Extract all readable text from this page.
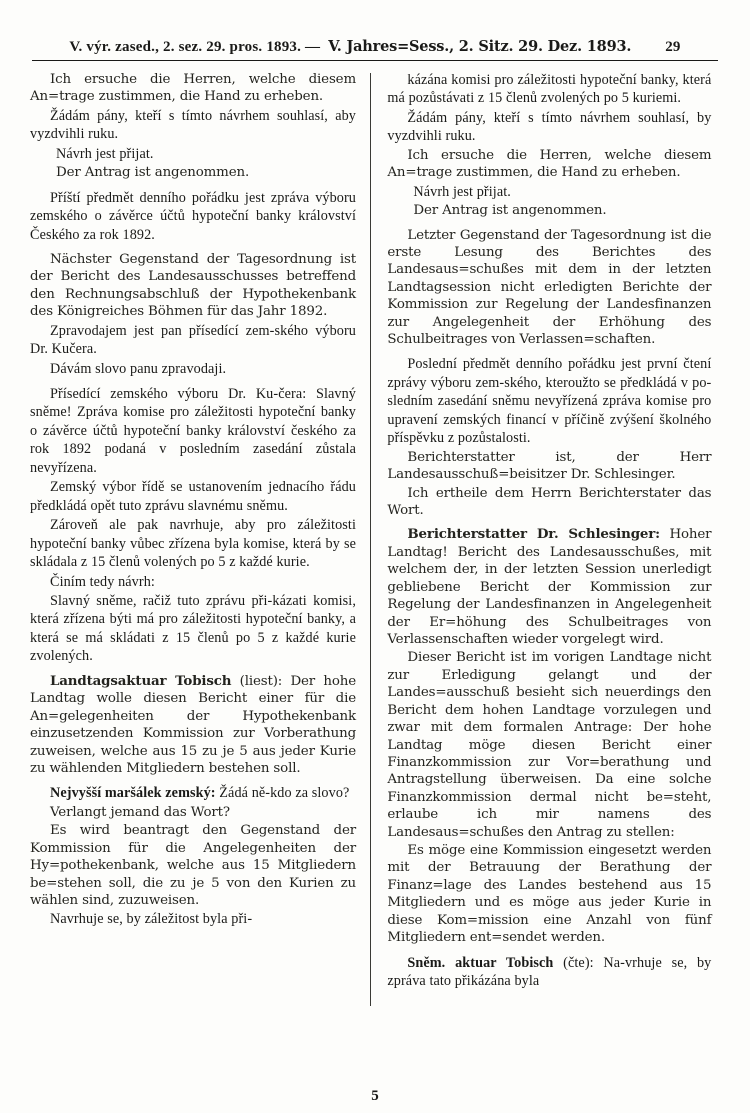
V. výr. zased., 2. sez. 29. pros. 1893. — V. Jahres=Sess., 2. Sitz. 29. Dez. 1893. 29

Ich ersuche die Herren, welche diesem An=trage zustimmen, die Hand zu erheben.

Žádám pány, kteří s tímto návrhem souhlasí, aby vyzdvihli ruku.

Návrh jest přijat.

Der Antrag ist angenommen.

Příští předmět denního pořádku jest zpráva výboru zemského o závěrce účtů hypoteční banky království Českého za rok 1892.

Nächster Gegenstand der Tagesordnung ist der Bericht des Landesausschusses betreffend den Rechnungsabschluß der Hypothekenbank des Königreiches Böhmen für das Jahr 1892.

Zpravodajem jest pan přísedící zem-ského výboru Dr. Kučera.

Dávám slovo panu zpravodaji.

Přísedící zemského výboru Dr. Ku-čera: Slavný sněme! Zpráva komise pro záležitosti hypoteční banky o závěrce účtů hypoteční banky království českého za rok 1892 podaná v posledním zasedání zůstala nevyřízena.

Zemský výbor řídě se ustanovením jednacího řádu předkládá opět tuto zprávu slavnému sněmu.

Zároveň ale pak navrhuje, aby pro záležitosti hypoteční banky vůbec zřízena byla komise, která by se skládala z 15 členů volených po 5 z každé kurie.

Činím tedy návrh:

Slavný sněme, račiž tuto zprávu při-kázati komisi, která zřízena býti má pro záležitosti hypoteční banky, a která se má skládati z 15 členů po 5 z každé kurie zvolených.

Landtagsaktuar Tobisch (liest): Der hohe Landtag wolle diesen Bericht einer für die An=gelegenheiten der Hypothekenbank einzusetzenden Kommission zur Vorberathung zuweisen, welche aus 15 zu je 5 aus jeder Kurie zu wählenden Mitgliedern bestehen soll.

Nejvyšší maršálek zemský: Žádá ně-kdo za slovo?

Verlangt jemand das Wort?

Es wird beantragt den Gegenstand der Kommission für die Angelegenheiten der Hy=pothekenbank, welche aus 15 Mitgliedern be=stehen soll, die zu je 5 von den Kurien zu wählen sind, zuzuweisen.

Navrhuje se, by záležitost byla při-

kázána komisi pro záležitosti hypoteční banky, která má pozůstávati z 15 členů zvolených po 5 kuriemi.

Žádám pány, kteří s tímto návrhem souhlasí, by vyzdvihli ruku.

Ich ersuche die Herren, welche diesem An=trage zustimmen, die Hand zu erheben.

Návrh jest přijat.

Der Antrag ist angenommen.

Letzter Gegenstand der Tagesordnung ist die erste Lesung des Berichtes des Landesaus=schußes mit dem in der letzten Landtagsession nicht erledigten Berichte der Kommission zur Regelung der Landesfinanzen zur Angelegenheit der Erhöhung des Schulbeitrages von Verlassen=schaften.

Poslední předmět denního pořádku jest první čtení zprávy výboru zem-ského, kteroužto se předkládá v po-sledním zasedání sněmu nevyřízená zpráva komise pro upravení zemských financí v příčině zvýšení školného příspěvku z pozůstalosti.

Berichterstatter ist, der Herr Landesausschuß=beisitzer Dr. Schlesinger.

Ich ertheile dem Herrn Berichterstater das Wort.

Berichterstatter Dr. Schlesinger: Hoher Landtag! Bericht des Landesausschußes, mit welchem der, in der letzten Session unerledigt gebliebene Bericht der Kommission zur Regelung der Landesfinanzen in Angelegenheit der Er=höhung des Schulbeitrages von Verlassenschaften wieder vorgelegt wird.

Dieser Bericht ist im vorigen Landtage nicht zur Erledigung gelangt und der Landes=ausschuß besieht sich neuerdings den Bericht dem hohen Landtage vorzulegen und zwar mit dem formalen Antrage: Der hohe Landtag möge diesen Bericht einer Finanzkommission zur Vor=berathung und Antragstellung überweisen. Da eine solche Finanzkommission dermal nicht be=steht, erlaube ich mir namens des Landesaus=schußes den Antrag zu stellen:

Es möge eine Kommission eingesetzt werden mit der Betrauung der Berathung der Finanz=lage des Landes bestehend aus 15 Mitgliedern und es möge aus jeder Kurie in diese Kom=mission eine Anzahl von fünf Mitgliedern ent=sendet werden.

Sněm. aktuar Tobisch (čte): Na-vrhuje se, by zpráva tato přikázána byla

5
